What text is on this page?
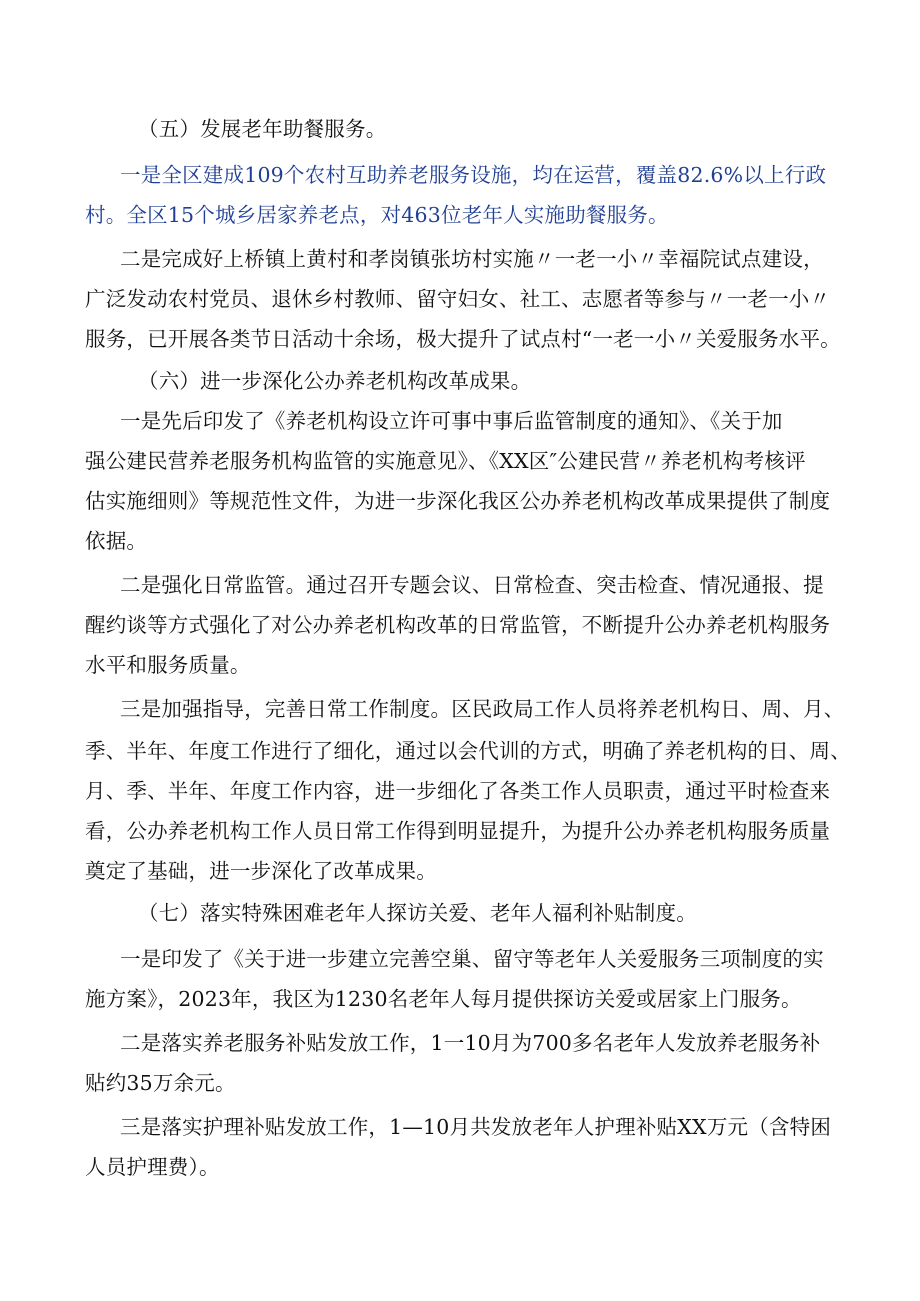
（五）发展老年助餐服务。
一是全区建成109个农村互助养老服务设施，均在运营，覆盖82.6%以上行政
村。全区15个城乡居家养老点，对463位老年人实施助餐服务。
二是完成好上桥镇上黄村和孝岗镇张坊村实施〃一老一小〃幸福院试点建设，
广泛发动农村党员、退休乡村教师、留守妇女、社工、志愿者等参与〃一老一小〃
服务，已开展各类节日活动十余场，极大提升了试点村“一老一小〃关爱服务水平。
（六）进一步深化公办养老机构改革成果。
一是先后印发了《养老机构设立许可事中事后监管制度的通知》、《关于加
强公建民营养老服务机构监管的实施意见》、《XX区″公建民营〃养老机构考核评
估实施细则》等规范性文件，为进一步深化我区公办养老机构改革成果提供了制度
依据。
二是强化日常监管。通过召开专题会议、日常检查、突击检查、情况通报、提
醒约谈等方式强化了对公办养老机构改革的日常监管，不断提升公办养老机构服务
水平和服务质量。
三是加强指导，完善日常工作制度。区民政局工作人员将养老机构日、周、月、
季、半年、年度工作进行了细化，通过以会代训的方式，明确了养老机构的日、周、
月、季、半年、年度工作内容，进一步细化了各类工作人员职责，通过平时检查来
看，公办养老机构工作人员日常工作得到明显提升，为提升公办养老机构服务质量
奠定了基础，进一步深化了改革成果。
（七）落实特殊困难老年人探访关爱、老年人福利补贴制度。
一是印发了《关于进一步建立完善空巢、留守等老年人关爱服务三项制度的实
施方案》，2023年，我区为1230名老年人每月提供探访关爱或居家上门服务。
二是落实养老服务补贴发放工作，1一10月为700多名老年人发放养老服务补
贴约35万余元。
三是落实护理补贴发放工作，1—10月共发放老年人护理补贴XX万元（含特困
人员护理费）。
